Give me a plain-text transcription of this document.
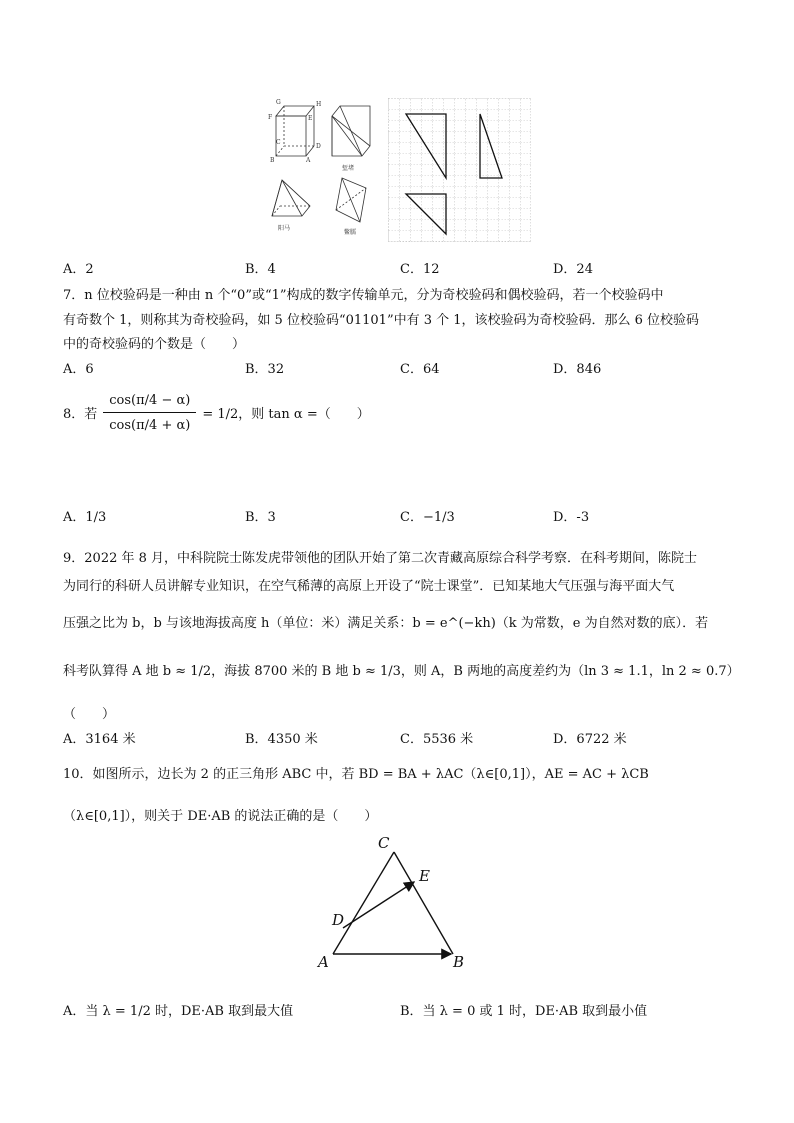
G	H
F	E
C
D
B	A
堑堵
阳马
鳖臑
A．2	B．4	C．12	D．24
7．n 位校验码是一种由 n 个“0”或“1”构成的数字传输单元，分为奇校验码和偶校验码，若一个校验码中
有奇数个 1，则称其为奇校验码，如 5 位校验码“01101”中有 3 个 1，该校验码为奇校验码．那么 6 位校验码
中的奇校验码的个数是（　　）
A．6	B．32	C．64	D．846
8．若 $\frac{\cos(\pi/4 - \alpha)}{\cos(\pi/4 + \alpha)} = 1/2$，则 tan α =（　　）
A．1/3	B．3	C．−1/3	D．-3
9．2022 年 8 月，中科院院士陈发虎带领他的团队开始了第二次青藏高原综合科学考察．在科考期间，陈院士
为同行的科研人员讲解专业知识，在空气稀薄的高原上开设了“院士课堂”．已知某地大气压强与海平面大气
压强之比为 b，b 与该地海拔高度 h（单位：米）满足关系：b = e^(−kh)（k 为常数，e 为自然对数的底）．若
科考队算得 A 地 b ≈ 1/2，海拔 8700 米的 B 地 b ≈ 1/3，则 A，B 两地的高度差约为（ln 3 ≈ 1.1，ln 2 ≈ 0.7）
（　　）
A．3164 米	B．4350 米	C．5536 米	D．6722 米
10．如图所示，边长为 2 的正三角形 ABC 中，若 BD = BA + λAC（λ∈[0,1]），AE = AC + λCB
（λ∈[0,1]），则关于 DE·AB 的说法正确的是（　　）
C
E
D
A	B
A．当 λ = 1/2 时，DE·AB 取到最大值	B．当 λ = 0 或 1 时，DE·AB 取到最小值
